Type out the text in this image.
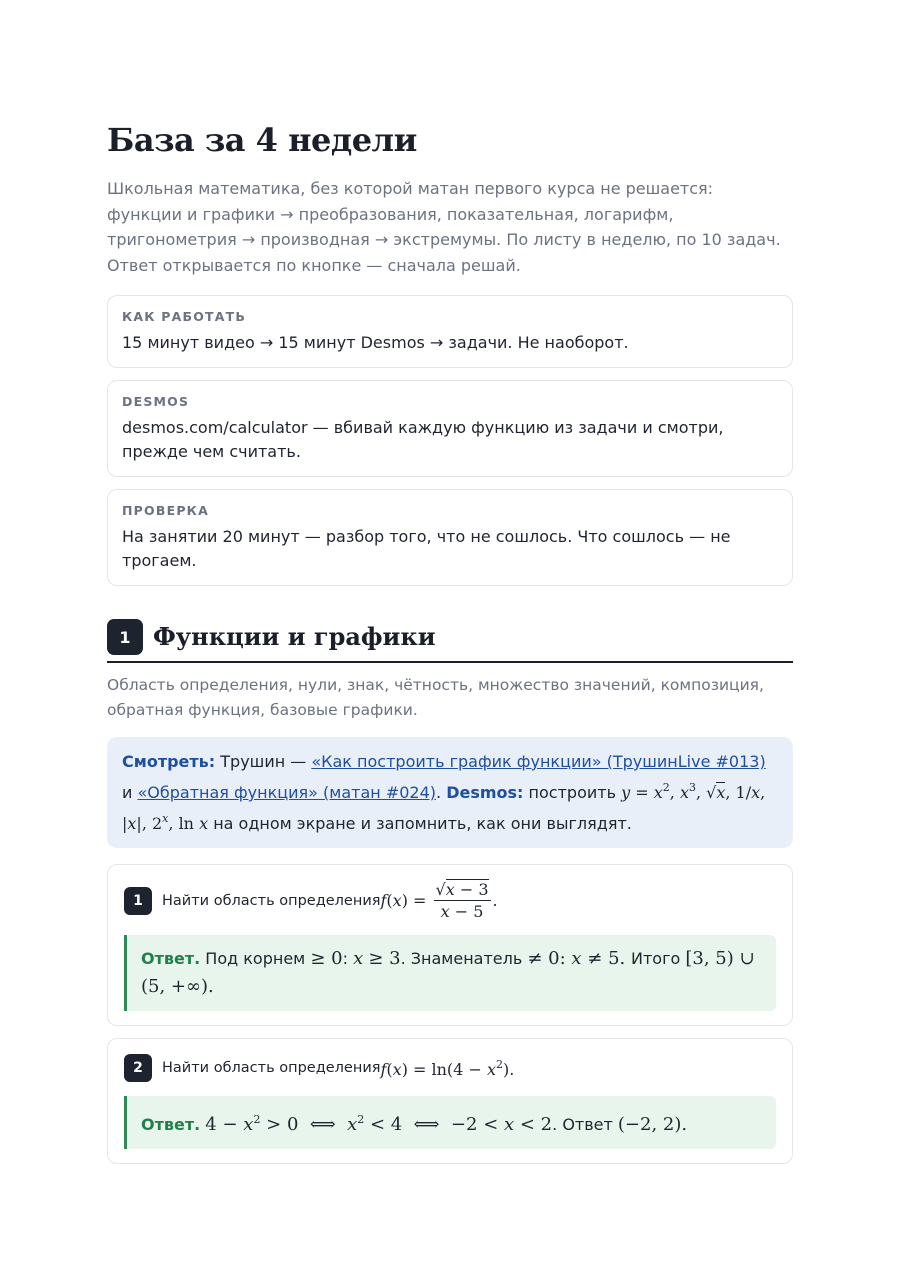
База за 4 недели

Школьная математика, без которой матан первого курса не решается: функции и графики → преобразования, показательная, логарифм, тригонометрия → производная → экстремумы. По листу в неделю, по 10 задач. Ответ открывается по кнопке — сначала решай.

КАК РАБОТАТЬ
15 минут видео → 15 минут Desmos → задачи. Не наоборот.
DESMOS
desmos.com/calculator — вбивай каждую функцию из задачи и смотри, прежде чем считать.
ПРОВЕРКА
На занятии 20 минут — разбор того, что не сошлось. Что сошлось — не трогаем.
1 Функции и графики
Область определения, нули, знак, чётность, множество значений, композиция, обратная функция, базовые графики.
Смотреть: Трушин — «Как построить график функции» (ТрушинLive #013) и «Обратная функция» (матан #024). Desmos: построить $y = x^2$, $x^3$, √x, 1/x, |x|, 2$^x$, ln x на одном экране и запомнить, как они выглядят.
1	Найти область определения f ( x ) = $\frac{√x - 3}{x - 5}$ .
Ответ. Под корнем ≥ 0: x ≥ 3. Знаменатель ≠ 0: x ≠ 5. Итого [3, 5) ∪ (5, +∞).
2	Найти область определения $f(x) = \ln(4 - x^2)$.
Ответ. $4 - x^2 > 0$  ⟺  $x^2 < 4$  ⟺  −2 < x < 2. Ответ (−2, 2).
